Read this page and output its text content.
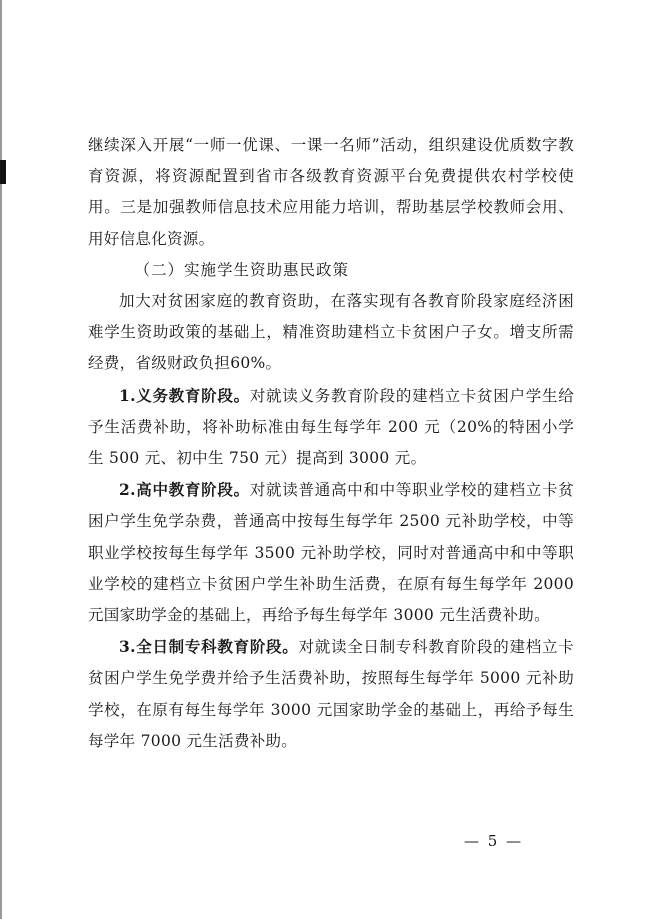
继续深入开展“一师一优课、一课一名师”活动，组织建设优质数字教育资源，将资源配置到省市各级教育资源平台免费提供农村学校使用。三是加强教师信息技术应用能力培训，帮助基层学校教师会用、用好信息化资源。

（二）实施学生资助惠民政策

加大对贫困家庭的教育资助，在落实现有各教育阶段家庭经济困难学生资助政策的基础上，精准资助建档立卡贫困户子女。增支所需经费，省级财政负担60%。

1.义务教育阶段。对就读义务教育阶段的建档立卡贫困户学生给予生活费补助，将补助标准由每生每学年 200 元（20%的特困小学生 500 元、初中生 750 元）提高到 3000 元。

2.高中教育阶段。对就读普通高中和中等职业学校的建档立卡贫困户学生免学杂费，普通高中按每生每学年 2500 元补助学校，中等职业学校按每生每学年 3500 元补助学校，同时对普通高中和中等职业学校的建档立卡贫困户学生补助生活费，在原有每生每学年 2000 元国家助学金的基础上，再给予每生每学年 3000 元生活费补助。

3.全日制专科教育阶段。对就读全日制专科教育阶段的建档立卡贫困户学生免学费并给予生活费补助，按照每生每学年 5000 元补助学校，在原有每生每学年 3000 元国家助学金的基础上，再给予每生每学年 7000 元生活费补助。

— 5 —
